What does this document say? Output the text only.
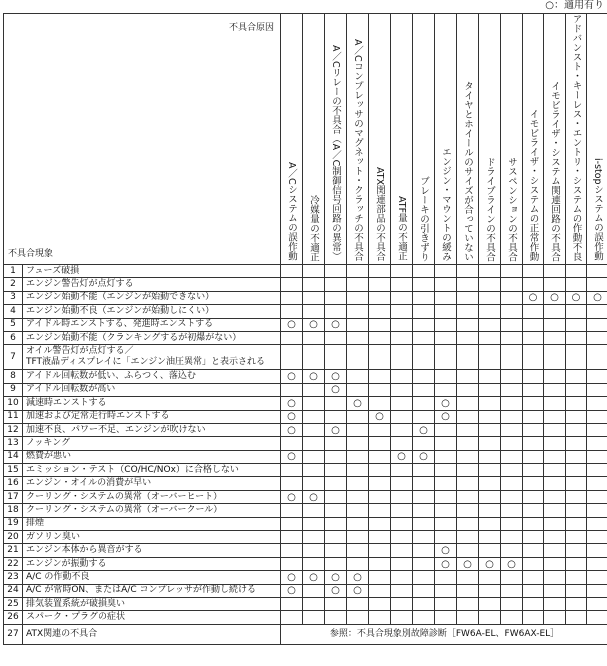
○：適用有り
不具合原因
不具合現象		A／Cシステムの誤作動	冷媒量の不適正	A／Cリレーの不具合（A／C制御信号回路の異常）	A／Cコンプレッサのマグネット・クラッチの不具合	ATX関連部品の不具合	ATF量の不適正	ブレーキの引きずり	エンジン・マウントの緩み	タイヤとホイールのサイズが合っていない	ドライブラインの不具合	サスペンションの不具合	イモビライザ・システムの正常作動	イモビライザ・システム関連回路の不具合	アドバンスト・キーレス・エントリ・システムの作動不良	i-stopシステムの誤作動

1	フューズ破損															
2	エンジン警告灯が点灯する															
3	エンジン始動不能（エンジンが始動できない）												○	○	○	○
4	エンジン始動不良（エンジンが始動しにくい）															
5	アイドル時エンストする、発進時エンストする	○	○	○												
6	エンジン始動不能（クランキングするが初爆がない）															
7	オイル警告灯が点灯する／
TFT液晶ディスプレイに「エンジン油圧異常」と表示される															

8	アイドル回転数が低い、ふらつく、落込む	○	○	○												
9	アイドル回転数が高い			○												
10	減速時エンストする	○			○				○							
11	加速および定常走行時エンストする	○				○			○							
12	加速不良、パワー不足、エンジンが吹けない	○		○				○								
13	ノッキング															
14	燃費が悪い	○					○	○								
15	エミッション・テスト（CO/HC/NOx）に合格しない															
16	エンジン・オイルの消費が早い															
17	クーリング・システムの異常（オーバーヒート）	○	○													
18	クーリング・システムの異常（オーバークール）															
19	排煙															
20	ガソリン臭い															
21	エンジン本体から異音がする								○							
22	エンジンが振動する								○	○	○	○				
23	A/C の作動不良	○	○	○	○											
24	A/C が常時ON、またはA/C コンプレッサが作動し続ける	○		○	○											
25	排気装置系統が破損臭い															
26	スパーク・プラグの症状															
27	ATX関連の不具合	参照：不具合現象別故障診断［FW6A-EL、FW6AX-EL］														
